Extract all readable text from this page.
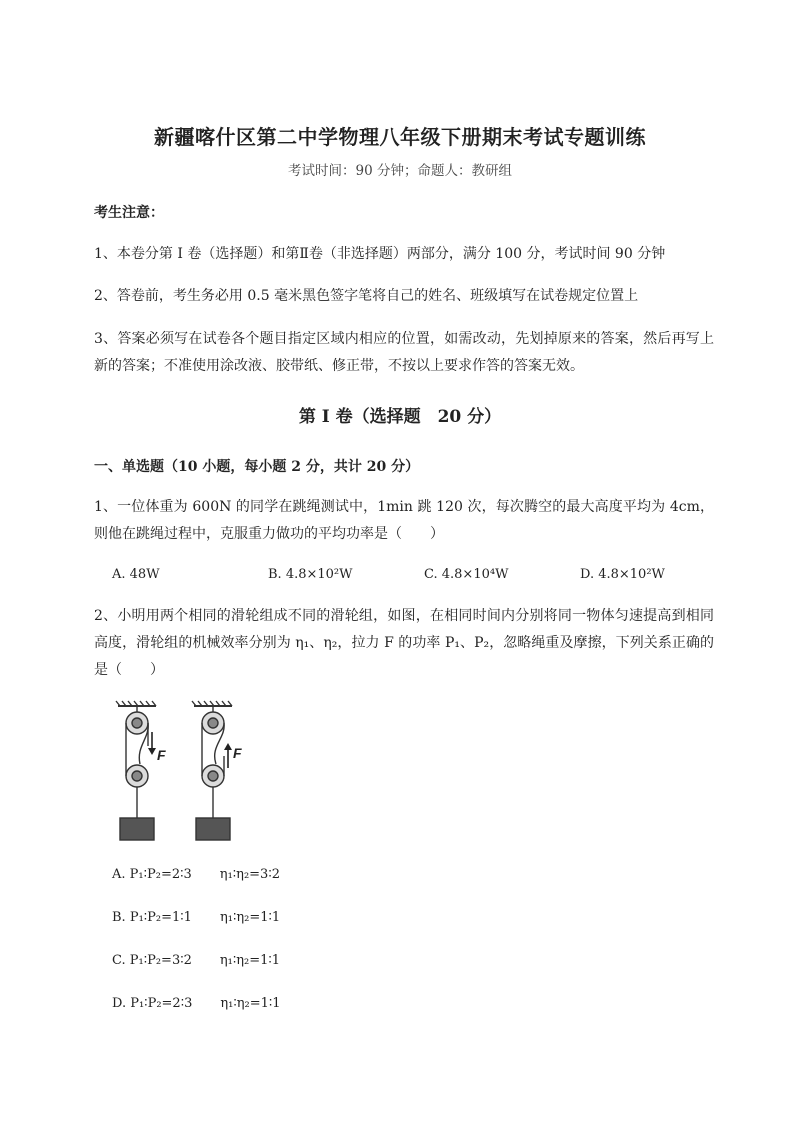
新疆喀什区第二中学物理八年级下册期末考试专题训练
考试时间：90 分钟；命题人：教研组
考生注意：
1、本卷分第 I 卷（选择题）和第Ⅱ卷（非选择题）两部分，满分 100 分，考试时间 90 分钟
2、答卷前，考生务必用 0.5 毫米黑色签字笔将自己的姓名、班级填写在试卷规定位置上
3、答案必须写在试卷各个题目指定区域内相应的位置，如需改动，先划掉原来的答案，然后再写上新的答案；不准使用涂改液、胶带纸、修正带，不按以上要求作答的答案无效。
第 I 卷（选择题　20 分）
一、单选题（10 小题，每小题 2 分，共计 20 分）
1、一位体重为 600N 的同学在跳绳测试中，1min 跳 120 次，每次腾空的最大高度平均为 4cm，则他在跳绳过程中，克服重力做功的平均功率是（　　）
A. 48W	B. 4.8×10²W	C. 4.8×10⁴W	D. 4.8×10²W
2、小明用两个相同的滑轮组成不同的滑轮组，如图，在相同时间内分别将同一物体匀速提高到相同高度，滑轮组的机械效率分别为 η₁、η₂，拉力 F 的功率 P₁、P₂，忽略绳重及摩擦，下列关系正确的是（　　）
F	F
A. P₁∶P₂=2∶3 η₁∶η₂=3∶2
B. P₁∶P₂=1∶1 η₁∶η₂=1∶1
C. P₁∶P₂=3∶2 η₁∶η₂=1∶1
D. P₁∶P₂=2∶3 η₁∶η₂=1∶1
